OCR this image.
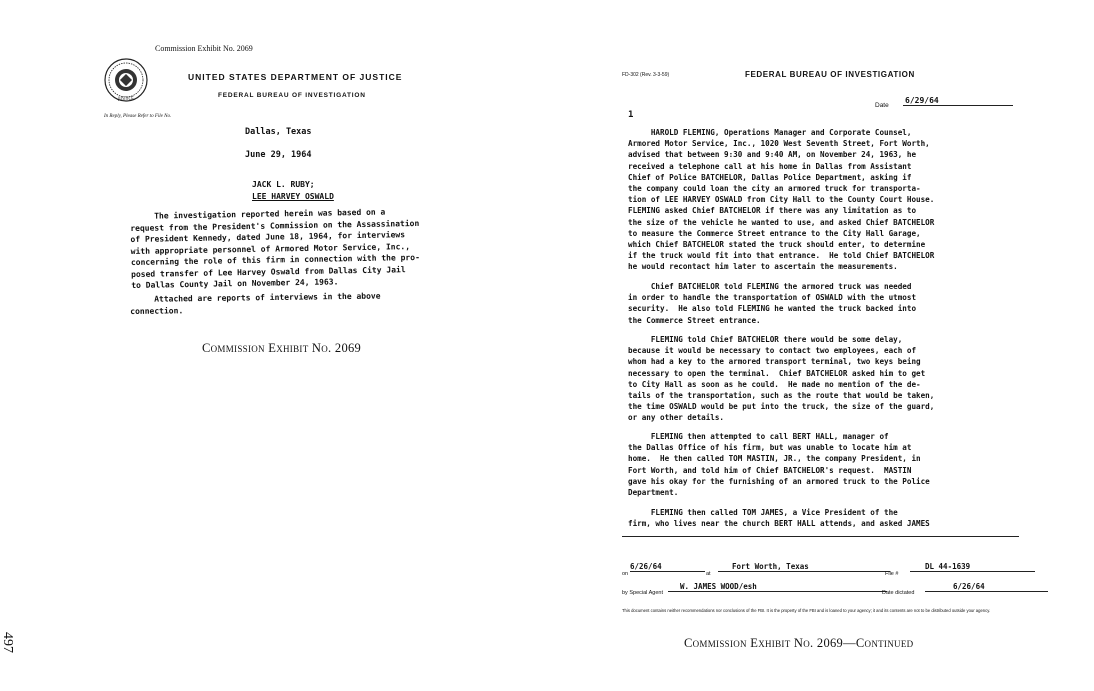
Commission Exhibit No. 2069
JUSTICE
UNITED STATES DEPARTMENT OF JUSTICE
FEDERAL BUREAU OF INVESTIGATION
In Reply, Please Refer to File No.
Dallas, Texas
June 29, 1964
JACK L. RUBY;
LEE HARVEY OSWALD
The investigation reported herein was based on a
request from the President's Commission on the Assassination
of President Kennedy, dated June 18, 1964, for interviews
with appropriate personnel of Armored Motor Service, Inc.,
concerning the role of this firm in connection with the pro-
posed transfer of Lee Harvey Oswald from Dallas City Jail
to Dallas County Jail on November 24, 1963.
Attached are reports of interviews in the above
connection.
Commission Exhibit No. 2069
497
FD-302 (Rev. 3-3-59)	FEDERAL BUREAU OF INVESTIGATION
Date
6/29/64
1
HAROLD FLEMING, Operations Manager and Corporate Counsel,
Armored Motor Service, Inc., 1020 West Seventh Street, Fort Worth,
advised that between 9:30 and 9:40 AM, on November 24, 1963, he
received a telephone call at his home in Dallas from Assistant
Chief of Police BATCHELOR, Dallas Police Department, asking if
the company could loan the city an armored truck for transporta-
tion of LEE HARVEY OSWALD from City Hall to the County Court House.
FLEMING asked Chief BATCHELOR if there was any limitation as to
the size of the vehicle he wanted to use, and asked Chief BATCHELOR
to measure the Commerce Street entrance to the City Hall Garage,
which Chief BATCHELOR stated the truck should enter, to determine
if the truck would fit into that entrance.  He told Chief BATCHELOR
he would recontact him later to ascertain the measurements.
Chief BATCHELOR told FLEMING the armored truck was needed
in order to handle the transportation of OSWALD with the utmost
security.  He also told FLEMING he wanted the truck backed into
the Commerce Street entrance.
FLEMING told Chief BATCHELOR there would be some delay,
because it would be necessary to contact two employees, each of
whom had a key to the armored transport terminal, two keys being
necessary to open the terminal.  Chief BATCHELOR asked him to get
to City Hall as soon as he could.  He made no mention of the de-
tails of the transportation, such as the route that would be taken,
the time OSWALD would be put into the truck, the size of the guard,
or any other details.
FLEMING then attempted to call BERT HALL, manager of
the Dallas Office of his firm, but was unable to locate him at
home.  He then called TOM MASTIN, JR., the company President, in
Fort Worth, and told him of Chief BATCHELOR's request.  MASTIN
gave his okay for the furnishing of an armored truck to the Police
Department.
FLEMING then called TOM JAMES, a Vice President of the
firm, who lives near the church BERT HALL attends, and asked JAMES
on
6/26/64
at
Fort Worth, Texas
File #
DL 44-1639
by Special Agent
W. JAMES WOOD/esh
Date dictated
6/26/64
This document contains neither recommendations nor conclusions of the FBI. It is the property of the FBI and is loaned to your agency; it and its contents are not to be distributed outside your agency.
Commission Exhibit No. 2069—Continued
